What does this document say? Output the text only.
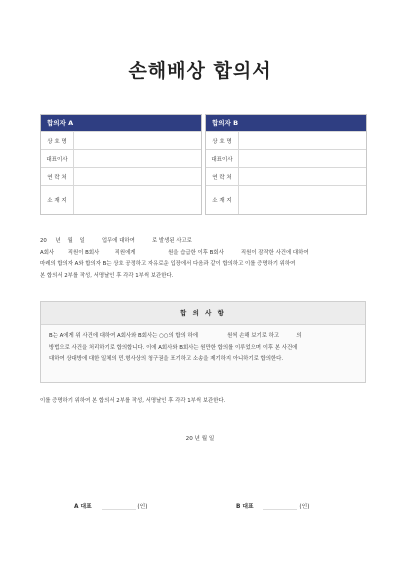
손해배상 합의서
합의자 A
상 호 명
대표이사
연 락 처
소 재 지
합의자 B
상 호 명
대표이사
연 락 처
소 재 지
20     년    월    일          업무에 대하여          로 발생된 사고로
A회사        직원이 B회사         직원에게                   원을 습급한 이후 B회사          직원이 잠작한 사건에 대하여
마레의 합의자 A와 합의자 B는 상호 공정하고 자유로운 입장에서 다음과 같이 합의하고 이를 증명하기 위하여
본 합의서 2부를 작성, 서명날인 후 각각 1부씩 보관한다.
합 의 사 항
B는 A에게 위 사건에 대하여 A회사와 B회사는 ○○의 합의 하에                 원씩 손해 보기로 하고          의
방법으로 사건을 처리하기로 합의합니다. 이에 A회사와 B회사는 원만한 합의를 이루었으며 이후 본 사건에
대하여 상대방에 대한 일체의 민.형사상의 청구권을 포기하고 소송을 제기하지 아니하기로 합의한다.
이를 증명하기 위하여 본 합의서 2부를 작성, 서명날인 후 각각 1부씩 보관한다.
20 년 월 일
A 대표	(인)	B 대표	(인)
